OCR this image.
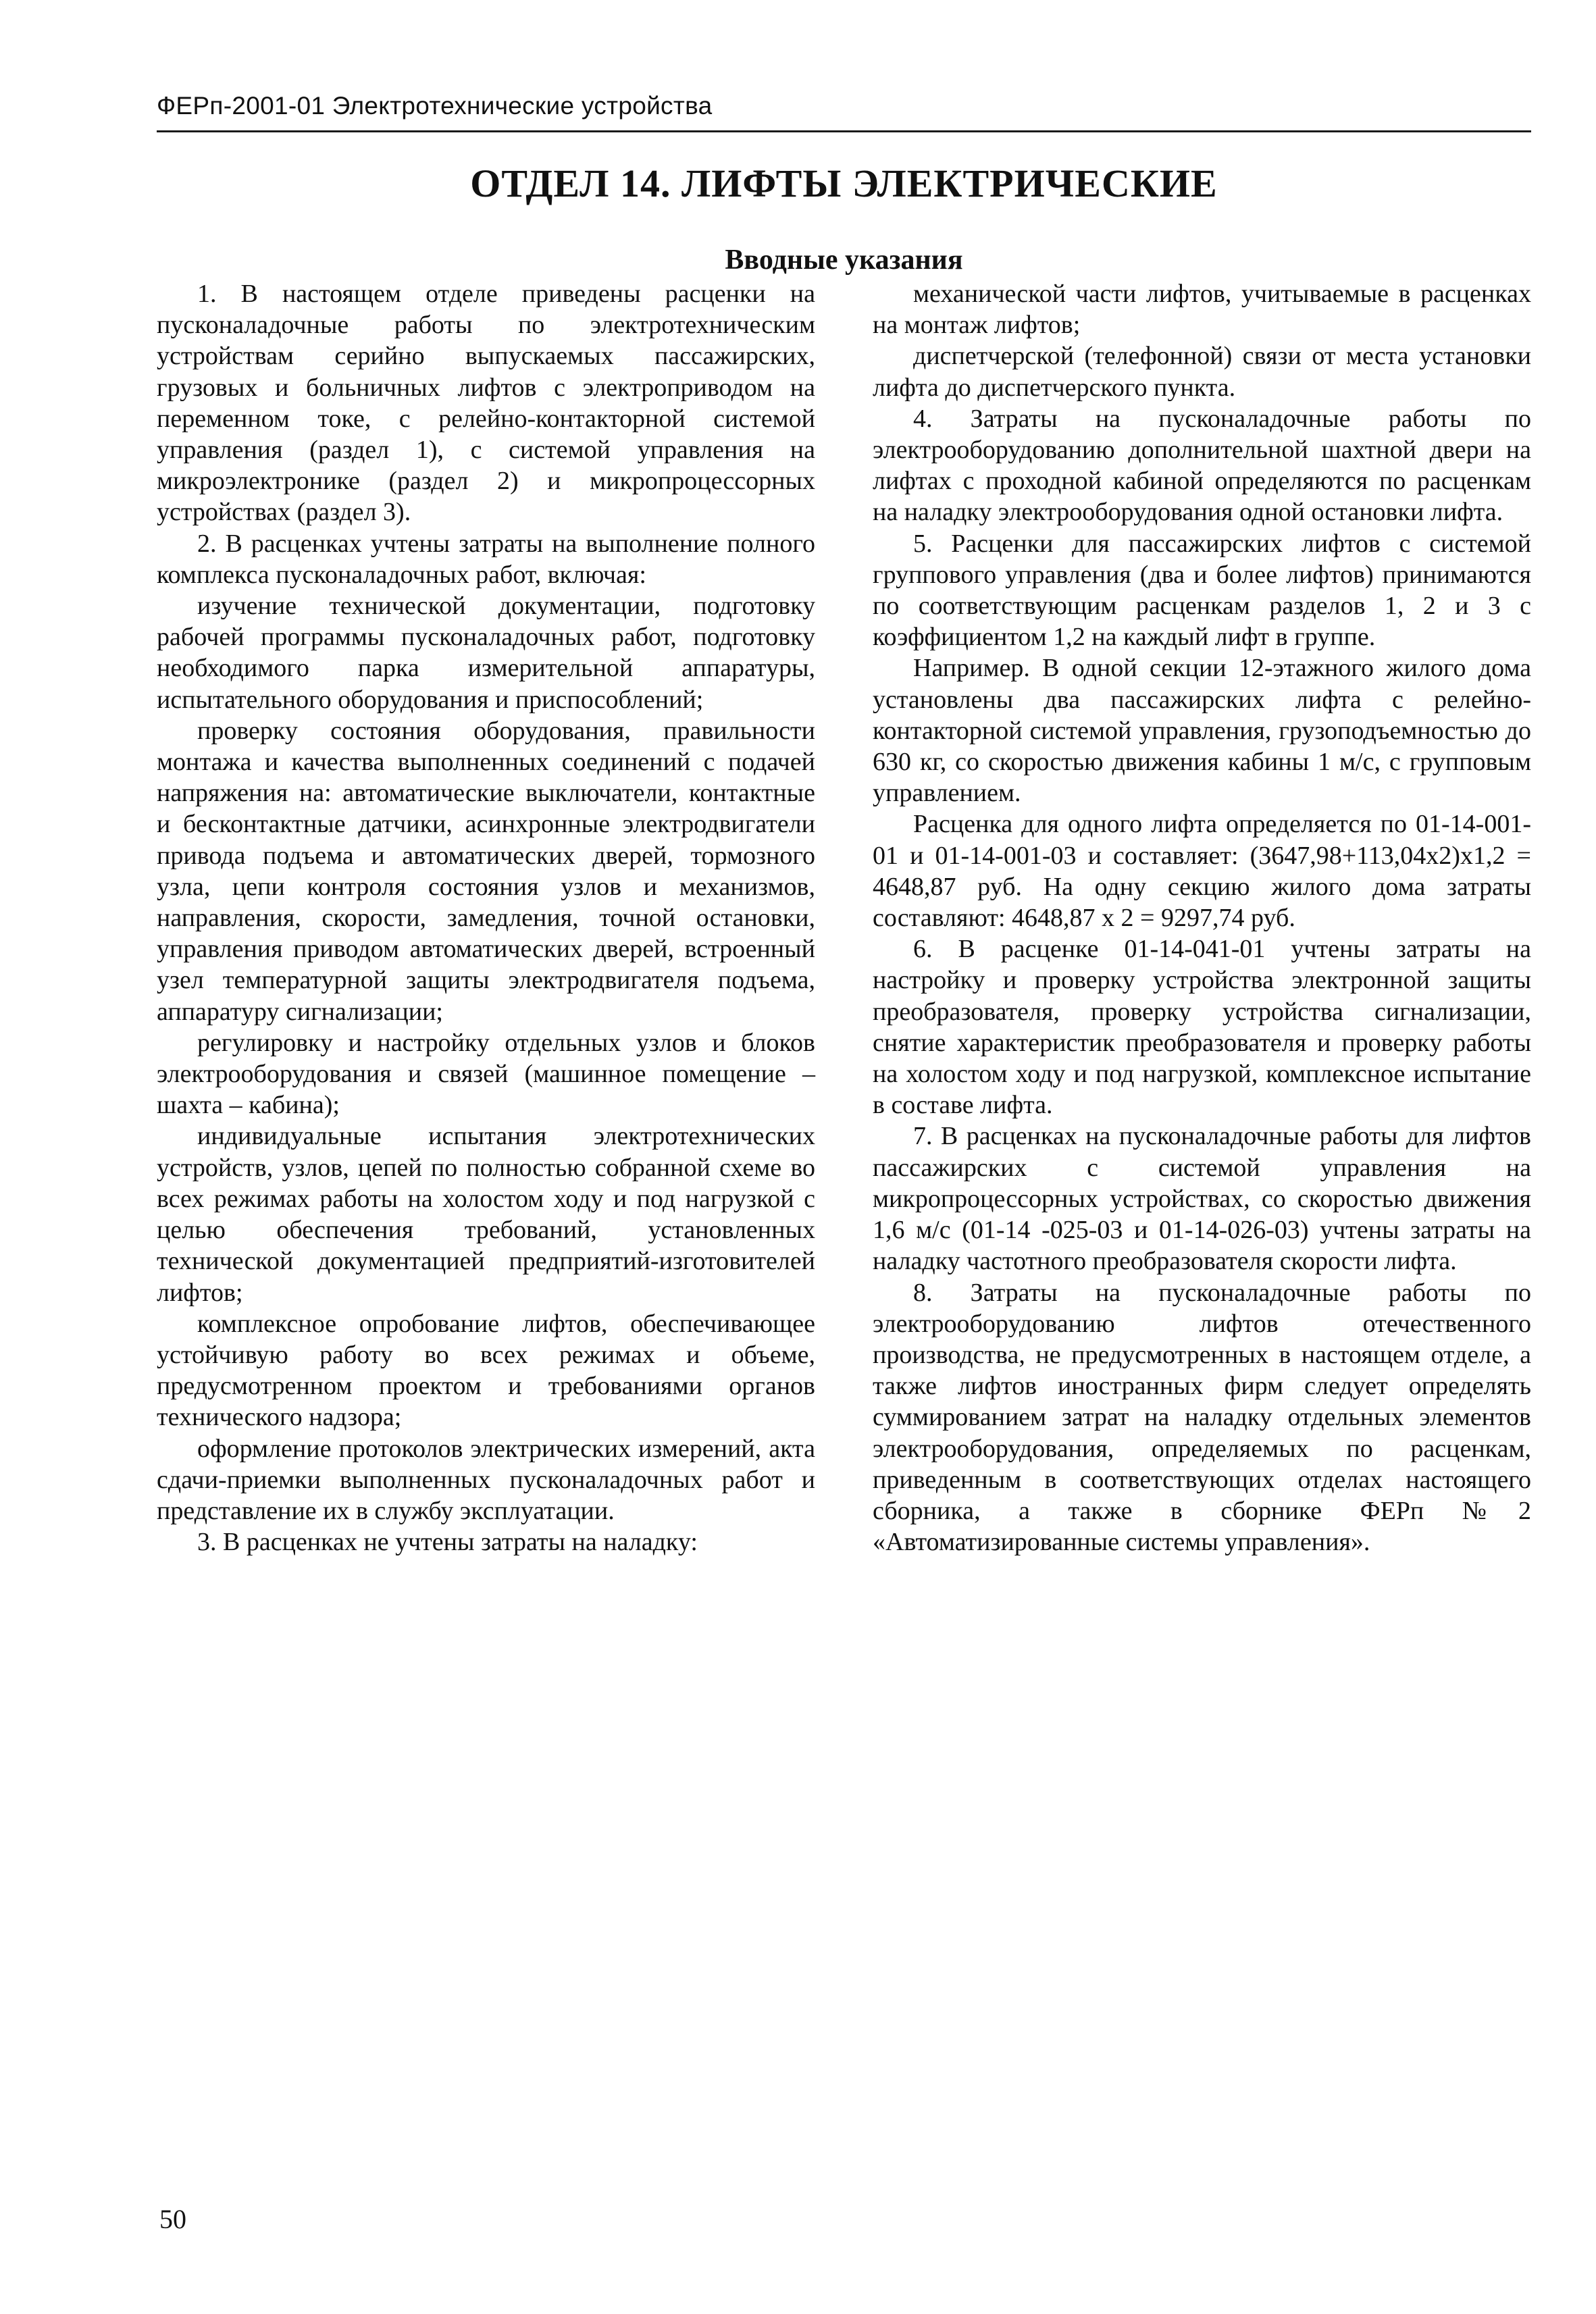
ФЕРп-2001-01 Электротехнические устройства
ОТДЕЛ 14. ЛИФТЫ ЭЛЕКТРИЧЕСКИЕ
Вводные указания

1. В настоящем отделе приведены расценки на пусконаладочные работы по электротехническим устройствам серийно выпускаемых пассажирских, грузовых и больничных лифтов с электроприводом на переменном токе, с релейно-контакторной системой управления (раздел 1), с системой управления на микроэлектронике (раздел 2) и микропроцессорных устройствах (раздел 3).

2. В расценках учтены затраты на выполнение полного комплекса пусконаладочных работ, включая:

изучение технической документации, подготовку рабочей программы пусконаладочных работ, подготовку необходимого парка измерительной аппаратуры, испытательного оборудования и приспособлений;

проверку состояния оборудования, правильности монтажа и качества выполненных соединений с подачей напряжения на: автоматические выключатели, контактные и бесконтактные датчики, асинхронные электродвигатели привода подъема и автоматических дверей, тормозного узла, цепи контроля состояния узлов и механизмов, направления, скорости, замедления, точной остановки, управления приводом автоматических дверей, встроенный узел температурной защиты электродвигателя подъема, аппаратуру сигнализации;

регулировку и настройку отдельных узлов и блоков электрооборудования и связей (машинное помещение – шахта – кабина);

индивидуальные испытания электротехнических устройств, узлов, цепей по полностью собранной схеме во всех режимах работы на холостом ходу и под нагрузкой с целью обеспечения требований, установленных технической документацией предприятий-изготовителей лифтов;

комплексное опробование лифтов, обеспечивающее устойчивую работу во всех режимах и объеме, предусмотренном проектом и требованиями органов технического надзора;

оформление протоколов электрических измерений, акта сдачи-приемки выполненных пусконаладочных работ и представление их в службу эксплуатации.

3. В расценках не учтены затраты на наладку:

механической части лифтов, учитываемые в расценках на монтаж лифтов;

диспетчерской (телефонной) связи от места установки лифта до диспетчерского пункта.

4. Затраты на пусконаладочные работы по электрооборудованию дополнительной шахтной двери на лифтах с проходной кабиной определяются по расценкам на наладку электрооборудования одной остановки лифта.

5. Расценки для пассажирских лифтов с системой группового управления (два и более лифтов) принимаются по соответствующим расценкам разделов 1, 2 и 3 с коэффициентом 1,2 на каждый лифт в группе.

Например. В одной секции 12-этажного жилого дома установлены два пассажирских лифта с релейно-контакторной системой управления, грузоподъемностью до 630 кг, со скоростью движения кабины 1 м/с, с групповым управлением.

Расценка для одного лифта определяется по 01-14-001-01 и 01-14-001-03 и составляет: (3647,98+113,04х2)х1,2 = 4648,87 руб. На одну секцию жилого дома затраты составляют: 4648,87 х 2 = 9297,74 руб.

6. В расценке 01-14-041-01 учтены затраты на настройку и проверку устройства электронной защиты преобразователя, проверку устройства сигнализации, снятие характеристик преобразователя и проверку работы на холостом ходу и под нагрузкой, комплексное испытание в составе лифта.

7. В расценках на пусконаладочные работы для лифтов пассажирских с системой управления на микропроцессорных устройствах, со скоростью движения 1,6 м/с (01-14 -025-03 и 01-14-026-03) учтены затраты на наладку частотного преобразователя скорости лифта.

8. Затраты на пусконаладочные работы по электрооборудованию лифтов отечественного производства, не предусмотренных в настоящем отделе, а также лифтов иностранных фирм следует определять суммированием затрат на наладку отдельных элементов электрооборудования, определяемых по расценкам, приведенным в соответствующих отделах настоящего сборника, а также в сборнике ФЕРп №2 «Автоматизированные системы управления».

50
